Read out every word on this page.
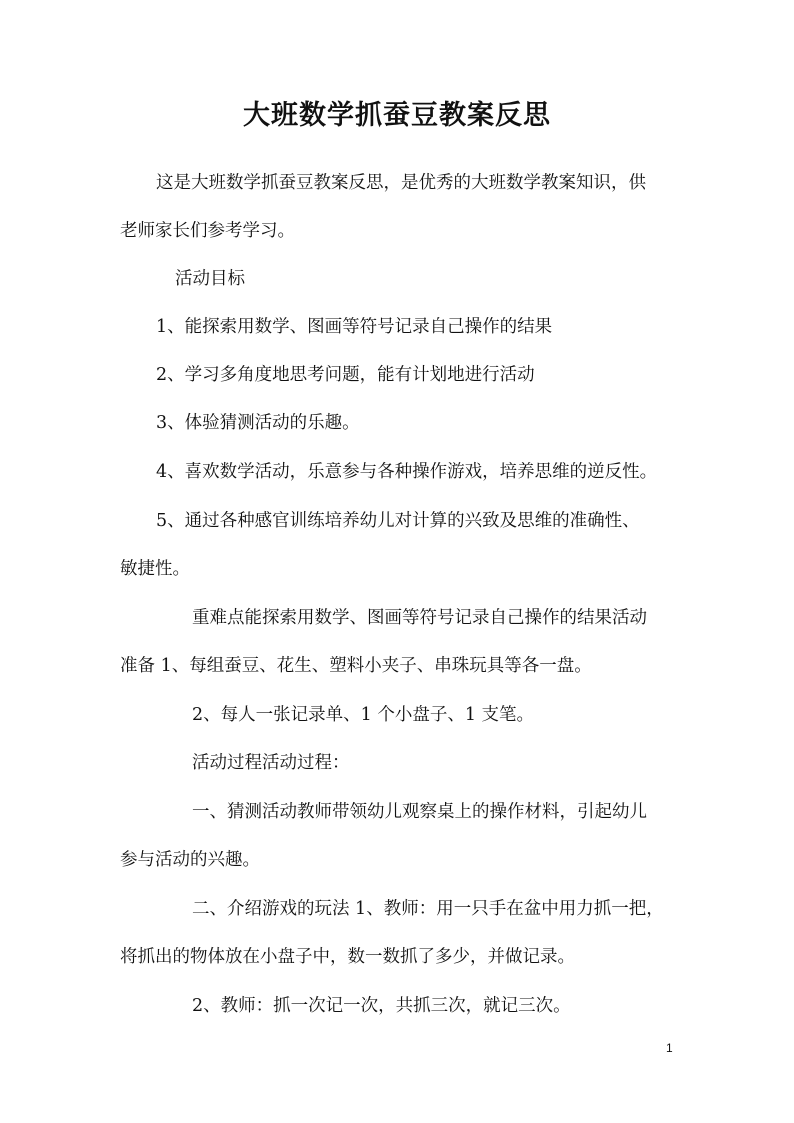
大班数学抓蚕豆教案反思
这是大班数学抓蚕豆教案反思，是优秀的大班数学教案知识，供
老师家长们参考学习。
活动目标
1、能探索用数学、图画等符号记录自己操作的结果
2、学习多角度地思考问题，能有计划地进行活动
3、体验猜测活动的乐趣。
4、喜欢数学活动，乐意参与各种操作游戏，培养思维的逆反性。
5、通过各种感官训练培养幼儿对计算的兴致及思维的准确性、
敏捷性。
重难点能探索用数学、图画等符号记录自己操作的结果活动
准备 1、每组蚕豆、花生、塑料小夹子、串珠玩具等各一盘。
2、每人一张记录单、1 个小盘子、1 支笔。
活动过程活动过程：
一、猜测活动教师带领幼儿观察桌上的操作材料，引起幼儿
参与活动的兴趣。
二、介绍游戏的玩法 1、教师：用一只手在盆中用力抓一把，
将抓出的物体放在小盘子中，数一数抓了多少，并做记录。
2、教师：抓一次记一次，共抓三次，就记三次。
1
